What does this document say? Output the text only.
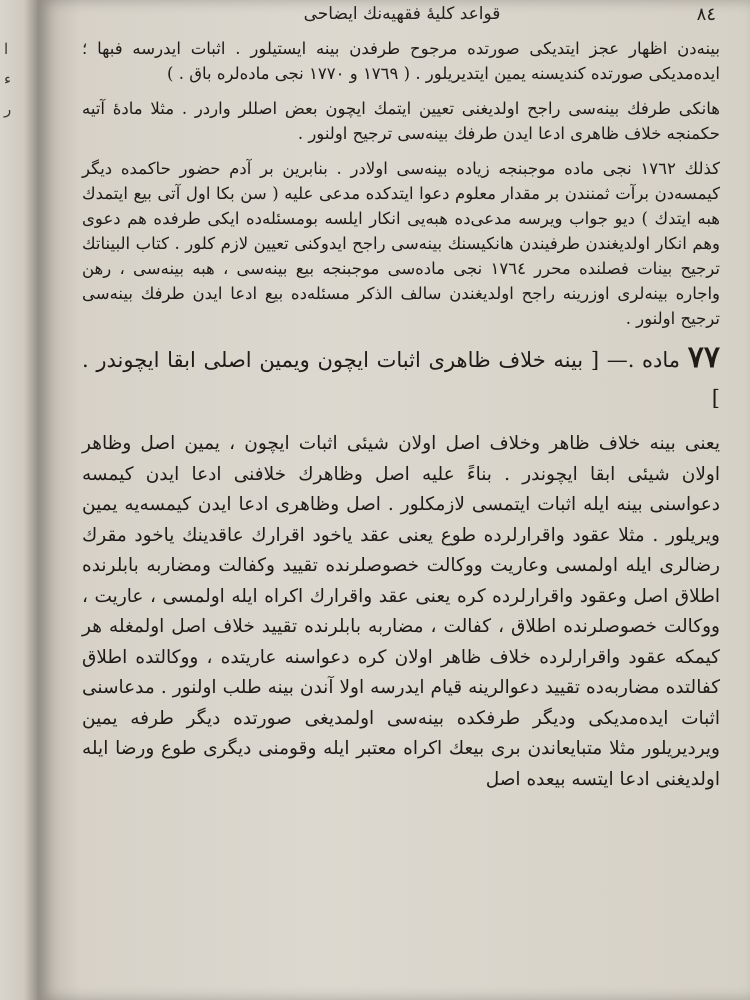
ا
ء
ر
قواعد كليهٔ فقهيه‌نك ايضاحى	٨٤

بينه‌دن اظهار عجز ايتديكى صورتده مرجوح طرفدن بينه ايستيلور . اثبات ايدرسه فبها ؛ ايده‌مديكى صورتده كنديسنه يمين ايتديريلور . ( ١٧٦٩ و ١٧٧٠ نجى ماده‌لره باق . )

هانكى طرفك بينه‌سى راجح اولديغنى تعيين ايتمك ايچون بعض اصللر واردر . مثلا ماده‌ٔ آتيه حكمنجه خلاف ظاهرى ادعا ايدن طرفك بينه‌سى ترجيح اولنور .

كذلك ١٧٦٢ نجى ماده موجبنجه زياده بينه‌سى اولادر . بنابرين بر آدم حضور حاكمده ديگر كيمسه‌دن برآت ثمنندن بر مقدار معلوم دعوا ايتدكده مدعى عليه ( سن بكا اول آتى بيع ايتمدك هبه ايتدك ) ديو جواب ويرسه مدعى‌ده هبه‌يى انكار ايلسه بومسئله‌ده ايكى طرفده هم دعوى وهم انكار اولديغندن طرفيندن هانكيسنك بينه‌سى راجح ايدوكنى تعيين لازم كلور . كتاب البيناتك ترجيح بينات فصلنده محرر ١٧٦٤ نجى ماده‌سى موجبنجه بيع بينه‌سى ، هبه بينه‌سى ، رهن واجاره بينه‌لرى اوزرينه راجح اولديغندن سالف الذكر مسئله‌ده بيع ادعا ايدن طرفك بينه‌سى ترجيح اولنور .

٧٧ ماده .— [ بينه خلاف ظاهرى اثبات ايچون ويمين اصلى ابقا ايچوندر . ]

يعنى بينه خلاف ظاهر وخلاف اصل اولان شيئى اثبات ايچون ، يمين اصل وظاهر اولان شيئى ابقا ايچوندر . بناءً عليه اصل وظاهرك خلافنى ادعا ايدن كيمسه دعواسنى بينه ايله اثبات ايتمسى لازمكلور . اصل وظاهرى ادعا ايدن كيمسه‌يه يمين ويريلور . مثلا عقود واقرارلرده طوع يعنى عقد ياخود اقرارك عاقدينك ياخود مقرك رضالرى ايله اولمسى وعاريت ووكالت خصوصلرنده تقييد وكفالت ومضاربه بابلرنده اطلاق اصل وعقود واقرارلرده كره يعنى عقد واقرارك اكراه ايله اولمسى ، عاريت ، ووكالت خصوصلرنده اطلاق ، كفالت ، مضاربه بابلرنده تقييد خلاف اصل اولمغله هر كيمكه عقود واقرارلرده خلاف ظاهر اولان كره دعواسنه عاريتده ، ووكالتده اطلاق كفالتده مضاربه‌ده تقييد دعوالرينه قيام ايدرسه اولا آندن بينه طلب اولنور . مدعاسنى اثبات ايده‌مديكى وديگر طرفكده بينه‌سى اولمديغى صورتده ديگر طرفه يمين ويرديريلور مثلا متبايعاندن برى بيعك اكراه معتبر ايله وقومنى ديگرى طوع ورضا ايله اولديغنى ادعا ايتسه بيعده اصل
